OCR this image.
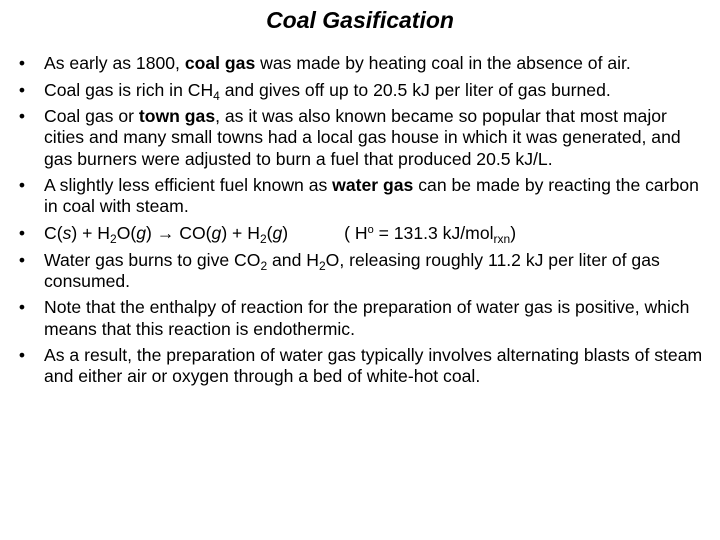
Coal Gasification
• As early as 1800, coal gas was made by heating coal in the absence of air.
• Coal gas is rich in $CH_4$ and gives off up to 20.5 kJ per liter of gas burned.
• Coal gas or town gas, as it was also known became so popular that most major cities and many small towns had a local gas house in which it was generated, and gas burners were adjusted to burn a fuel that produced 20.5 kJ/L.
• A slightly less efficient fuel known as water gas can be made by reacting the carbon in coal with steam.
• $C(s) + H_2O(g) \to CO(g) + H_2(g)$	( $H^o = 131.3$ kJ/mol$_{rxn}$)
• Water gas burns to give $CO_2$ and $H_2O$, releasing roughly 11.2 kJ per liter of gas consumed.
• Note that the enthalpy of reaction for the preparation of water gas is positive, which means that this reaction is endothermic.
• As a result, the preparation of water gas typically involves alternating blasts of steam and either air or oxygen through a bed of white-hot coal.
